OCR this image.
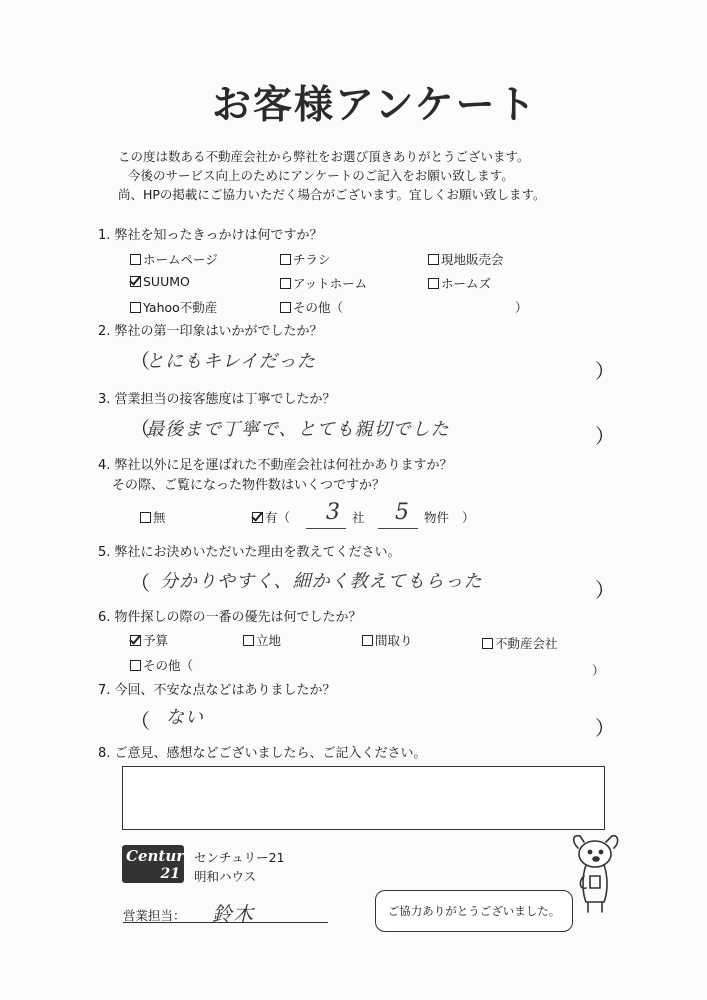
お客様アンケート
この度は数ある不動産会社から弊社をお選び頂きありがとうございます。
今後のサービス向上のためにアンケートのご記入をお願い致します。
尚、HPの掲載にご協力いただく場合がございます。宜しくお願い致します。
1. 弊社を知ったきっかけは何ですか？
ホームページ	チラシ	現地販売会
SUUMO	アットホーム	ホームズ
Yahoo不動産	その他（	）
2. 弊社の第一印象はいかがでしたか？
（
とにもキレイだった	）
3. 営業担当の接客態度は丁寧でしたか？
（
最後まで丁寧で、とても親切でした	）
4. 弊社以外に足を運ばれた不動産会社は何社かありますか？
その際、ご覧になった物件数はいくつですか？
無	有（ 3 社 5 物件 ）
5. 弊社にお決めいただいた理由を教えてください。
（ 分かりやすく、細かく教えてもらった	）
6. 物件探しの際の一番の優先は何でしたか？
予算	立地	間取り	不動産会社
その他（	）
7. 今回、不安な点などはありましたか？
（ ない	）
8. ご意見、感想などございましたら、ご記入ください。
Century
21
センチュリー21
明和ハウス
営業担当： 鈴木	ご協力ありがとうございました。
